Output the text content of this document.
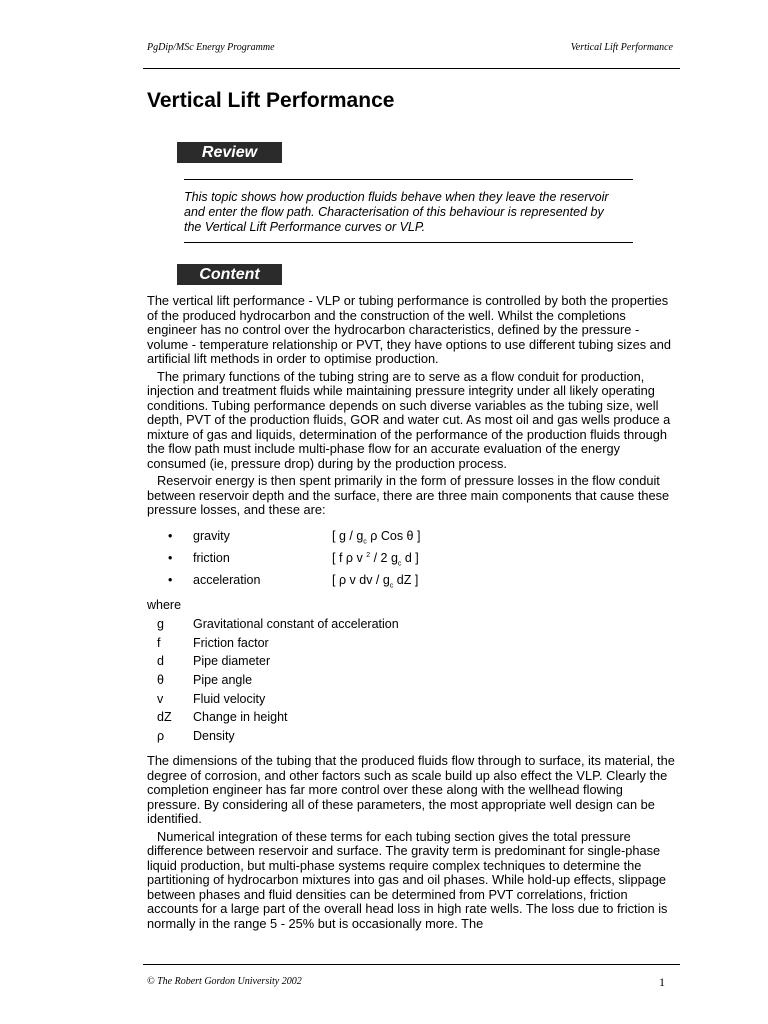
PgDip/MSc Energy Programme	Vertical Lift Performance
Vertical Lift Performance
Review
This topic shows how production fluids behave when they leave the reservoir and enter the flow path. Characterisation of this behaviour is represented by the Vertical Lift Performance curves or VLP.
Content

The vertical lift performance - VLP or tubing performance is controlled by both the properties of the produced hydrocarbon and the construction of the well. Whilst the completions engineer has no control over the hydrocarbon characteristics, defined by the pressure - volume - temperature relationship or PVT, they have options to use different tubing sizes and artificial lift methods in order to optimise production.

The primary functions of the tubing string are to serve as a flow conduit for production, injection and treatment fluids while maintaining pressure integrity under all likely operating conditions. Tubing performance depends on such diverse variables as the tubing size, well depth, PVT of the production fluids, GOR and water cut. As most oil and gas wells produce a mixture of gas and liquids, determination of the performance of the production fluids through the flow path must include multi-phase flow for an accurate evaluation of the energy consumed (ie, pressure drop) during by the production process.

Reservoir energy is then spent primarily in the form of pressure losses in the flow conduit between reservoir depth and the surface, there are three main components that cause these pressure losses, and these are:

• gravity	[ g / $g_c$ ρ Cos θ ]
• friction	[ f ρ v $^2$ / 2 $g_c$ d ]
• acceleration	[ ρ v dv / $g_c$ dZ ]
where
g Gravitational constant of acceleration
f	Friction factor
d Pipe diameter
θ Pipe angle
v Fluid velocity
dZ Change in height
ρ Density

The dimensions of the tubing that the produced fluids flow through to surface, its material, the degree of corrosion, and other factors such as scale build up also effect the VLP. Clearly the completion engineer has far more control over these along with the wellhead flowing pressure. By considering all of these parameters, the most appropriate well design can be identified.

Numerical integration of these terms for each tubing section gives the total pressure difference between reservoir and surface. The gravity term is predominant for single-phase liquid production, but multi-phase systems require complex techniques to determine the partitioning of hydrocarbon mixtures into gas and oil phases. While hold-up effects, slippage between phases and fluid densities can be determined from PVT correlations, friction accounts for a large part of the overall head loss in high rate wells. The loss due to friction is normally in the range 5 - 25% but is occasionally more. The

© The Robert Gordon University 2002	1
